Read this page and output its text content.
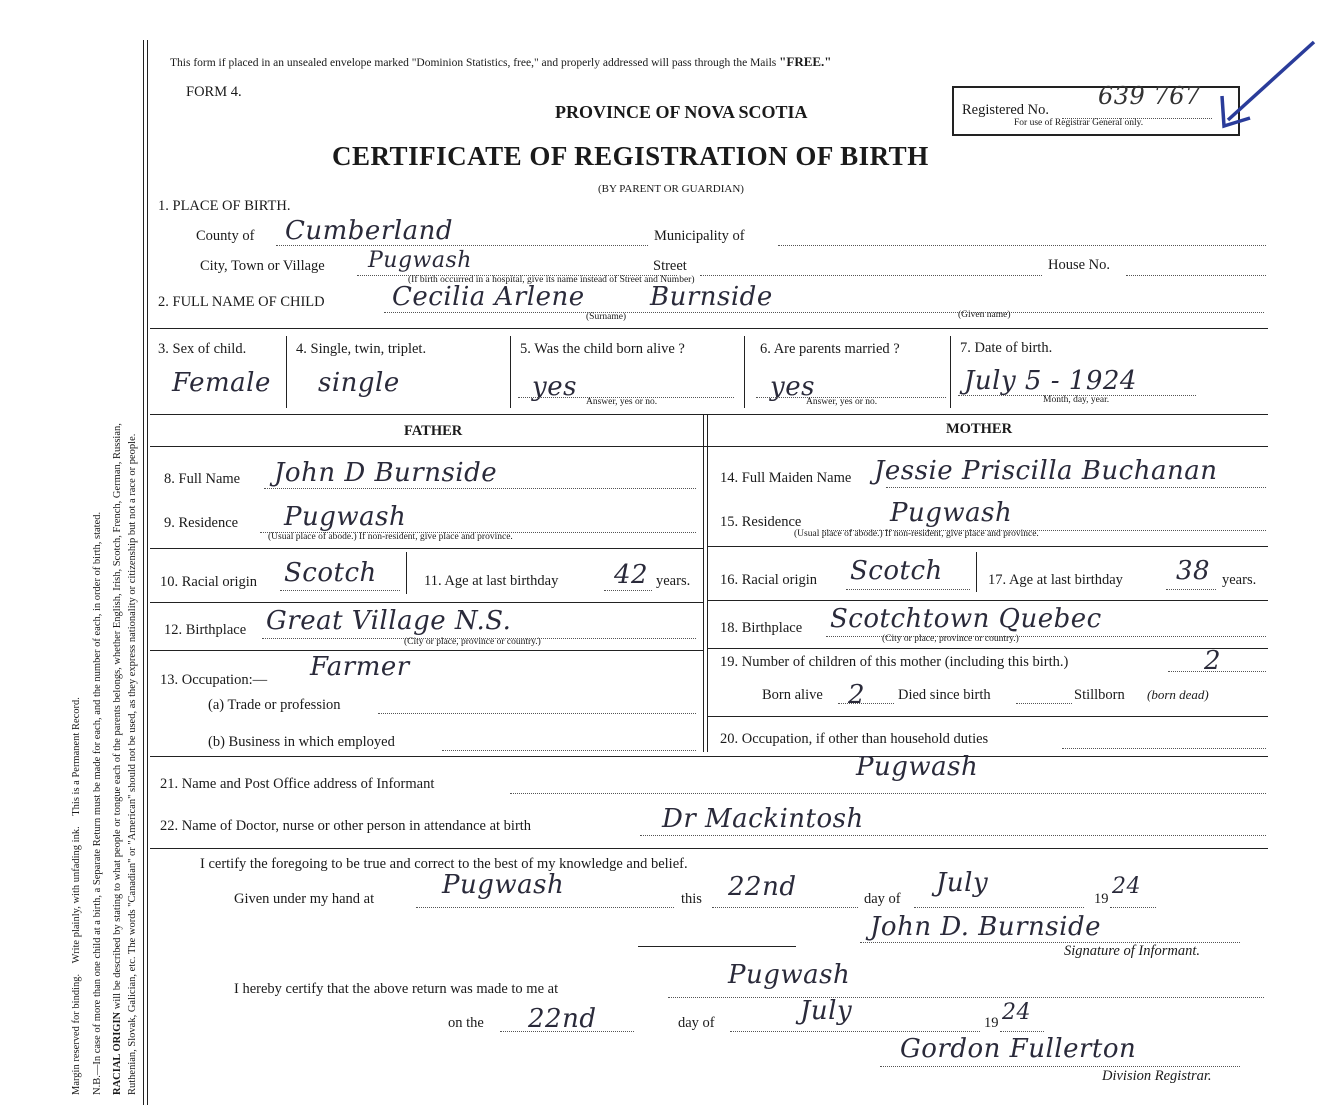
Margin reserved for binding.    Write plainly, with unfading ink.    This is a Permanent Record. N.B.—In case of more than one child at a birth, a Separate Return must be made for each, and the number of each, in order of birth, stated. RACIAL ORIGIN will be described by stating to what people or tongue each of the parents belongs, whether English, Irish, Scotch, French, German, Russian, Ruthenian, Slovak, Galician, etc. The words "Canadian" or "American" should not be used, as they express nationality or citizenship but not a race or people.
This form if placed in an unsealed envelope marked "Dominion Statistics, free," and properly addressed will pass through the Mails "FREE."
FORM 4.
PROVINCE OF NOVA SCOTIA	Registered No. 639 767
For use of Registrar General only.
CERTIFICATE OF REGISTRATION OF BIRTH
(BY PARENT OR GUARDIAN)
1. PLACE OF BIRTH.
County of Cumberland	Municipality of
City, Town or Village Pugwash
(If birth occurred in a hospital, give its name instead of Street and Number)
Street	House No.
2. FULL NAME OF CHILD	Cecilia Arlene	Burnside
(Surname)	(Given name)
3. Sex of child.
Female
4. Single, twin, triplet.
single
5. Was the child born alive ?
yes Answer, yes or no.
6. Are parents married ?
yes
Answer, yes or no.
7. Date of birth.
July 5 - 1924
Month, day, year.
FATHER	MOTHER
8. Full Name John D Burnside
9. Residence Pugwash
(Usual place of abode.) If non-resident, give place and province.
10. Racial origin Scotch	11. Age at last birthday 42 years.
12. Birthplace Great Village N.S.
(City or place, province or country.)
13. Occupation:— Farmer
(a) Trade or profession
(b) Business in which employed
14. Full Maiden Name Jessie Priscilla Buchanan
15. Residence	Pugwash
(Usual place of abode.) If non-resident, give place and province.
16. Racial origin Scotch	17. Age at last birthday 38 years.
18. Birthplace Scotchtown Quebec
(City or place, province or country.)
19. Number of children of this mother (including this birth.)	2
Born alive 2 Died since birth	Stillborn (born dead)
20. Occupation, if other than household duties
21. Name and Post Office address of Informant
Pugwash
22. Name of Doctor, nurse or other person in attendance at birth	Dr Mackintosh
I certify the foregoing to be true and correct to the best of my knowledge and belief.
Given under my hand at	Pugwash	this 22nd	day of
July
19 24
John D. Burnside
Signature of Informant.
I hereby certify that the above return was made to me at	Pugwash
on the 22nd	day of	July	19 24
Gordon Fullerton
Division Registrar.
